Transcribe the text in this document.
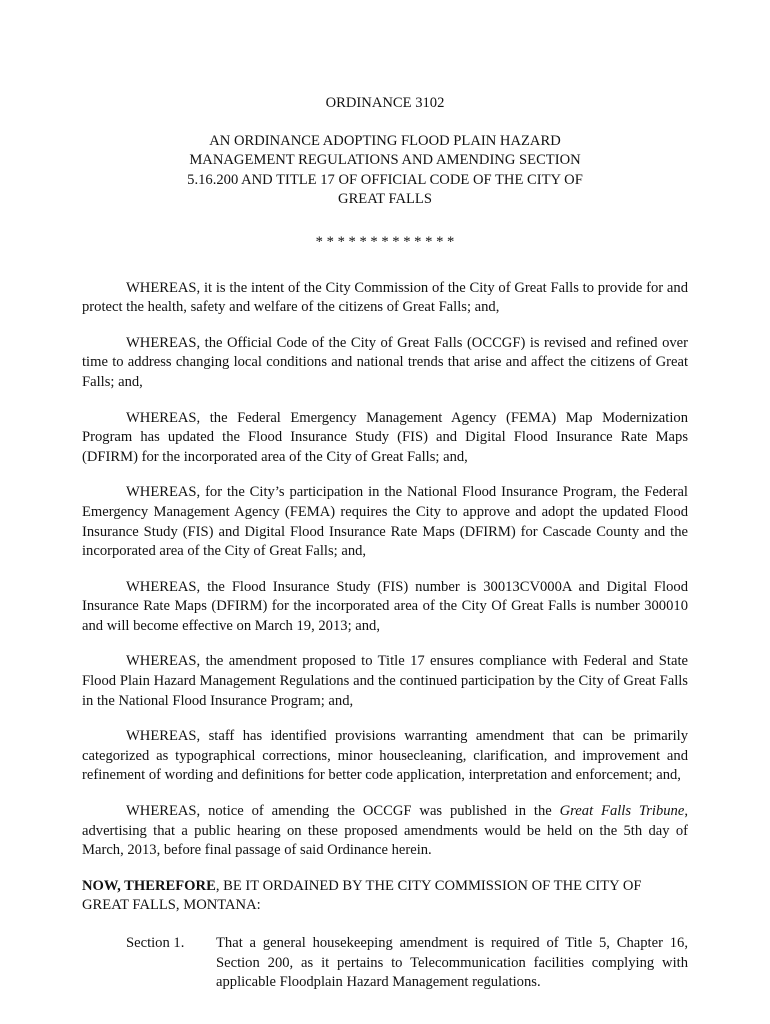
ORDINANCE 3102

AN ORDINANCE ADOPTING FLOOD PLAIN HAZARD
MANAGEMENT REGULATIONS AND AMENDING SECTION
5.16.200 AND TITLE 17 OF OFFICIAL CODE OF THE CITY OF
GREAT FALLS

* * * * * * * * * * * * *

WHEREAS, it is the intent of the City Commission of the City of Great Falls to provide for and protect the health, safety and welfare of the citizens of Great Falls; and,

WHEREAS, the Official Code of the City of Great Falls (OCCGF) is revised and refined over time to address changing local conditions and national trends that arise and affect the citizens of Great Falls; and,

WHEREAS, the Federal Emergency Management Agency (FEMA) Map Modernization Program has updated the Flood Insurance Study (FIS) and Digital Flood Insurance Rate Maps (DFIRM) for the incorporated area of the City of Great Falls; and,

WHEREAS, for the City’s participation in the National Flood Insurance Program, the Federal Emergency Management Agency (FEMA) requires the City to approve and adopt the updated Flood Insurance Study (FIS) and Digital Flood Insurance Rate Maps (DFIRM) for Cascade County and the incorporated area of the City of Great Falls; and,

WHEREAS, the Flood Insurance Study (FIS) number is 30013CV000A and Digital Flood Insurance Rate Maps (DFIRM) for the incorporated area of the City Of Great Falls is number 300010 and will become effective on March 19, 2013; and,

WHEREAS, the amendment proposed to Title 17 ensures compliance with Federal and State Flood Plain Hazard Management Regulations and the continued participation by the City of Great Falls in the National Flood Insurance Program; and,

WHEREAS, staff has identified provisions warranting amendment that can be primarily categorized as typographical corrections, minor housecleaning, clarification, and improvement and refinement of wording and definitions for better code application, interpretation and enforcement; and,

WHEREAS, notice of amending the OCCGF was published in the Great Falls Tribune, advertising that a public hearing on these proposed amendments would be held on the 5th day of March, 2013, before final passage of said Ordinance herein.

NOW, THEREFORE, BE IT ORDAINED BY THE CITY COMMISSION OF THE CITY OF GREAT FALLS, MONTANA:

Section 1.	That a general housekeeping amendment is required of Title 5, Chapter 16, Section 200, as it pertains to Telecommunication facilities complying with applicable Floodplain Hazard Management regulations.
